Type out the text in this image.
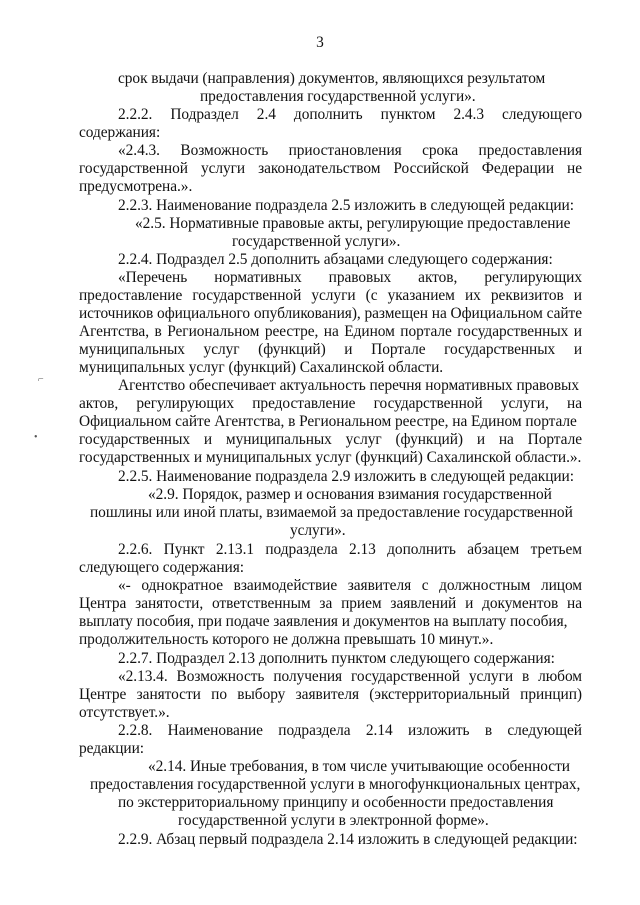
3
срок выдачи (направления) документов, являющихся результатом
предоставления государственной услуги».
2.2.2. Подраздел 2.4 дополнить пунктом 2.4.3 следующего
содержания:
«2.4.3. Возможность приостановления срока предоставления
государственной услуги законодательством Российской Федерации не
предусмотрена.».
2.2.3. Наименование подраздела 2.5 изложить в следующей редакции:
«2.5. Нормативные правовые акты, регулирующие предоставление
государственной услуги».
2.2.4. Подраздел 2.5 дополнить абзацами следующего содержания:
«Перечень нормативных правовых актов, регулирующих
предоставление государственной услуги (с указанием их реквизитов и
источников официального опубликования), размещен на Официальном сайте
Агентства, в Региональном реестре, на Едином портале государственных и
муниципальных услуг (функций) и Портале государственных и
муниципальных услуг (функций) Сахалинской области.
Агентство обеспечивает актуальность перечня нормативных правовых
актов, регулирующих предоставление государственной услуги, на
Официальном сайте Агентства, в Региональном реестре, на Едином портале
государственных и муниципальных услуг (функций) и на Портале
государственных и муниципальных услуг (функций) Сахалинской области.».
2.2.5. Наименование подраздела 2.9 изложить в следующей редакции:
«2.9. Порядок, размер и основания взимания государственной
пошлины или иной платы, взимаемой за предоставление государственной
услуги».
2.2.6. Пункт 2.13.1 подраздела 2.13 дополнить абзацем третьем
следующего содержания:
«- однократное взаимодействие заявителя с должностным лицом
Центра занятости, ответственным за прием заявлений и документов на
выплату пособия, при подаче заявления и документов на выплату пособия,
продолжительность которого не должна превышать 10 минут.».
2.2.7. Подраздел 2.13 дополнить пунктом следующего содержания:
«2.13.4. Возможность получения государственной услуги в любом
Центре занятости по выбору заявителя (экстерриториальный принцип)
отсутствует.».
2.2.8. Наименование подраздела 2.14 изложить в следующей
редакции:
«2.14. Иные требования, в том числе учитывающие особенности
предоставления государственной услуги в многофункциональных центрах,
по экстерриториальному принципу и особенности предоставления
государственной услуги в электронной форме».
2.2.9. Абзац первый подраздела 2.14 изложить в следующей редакции:
⌐
•
